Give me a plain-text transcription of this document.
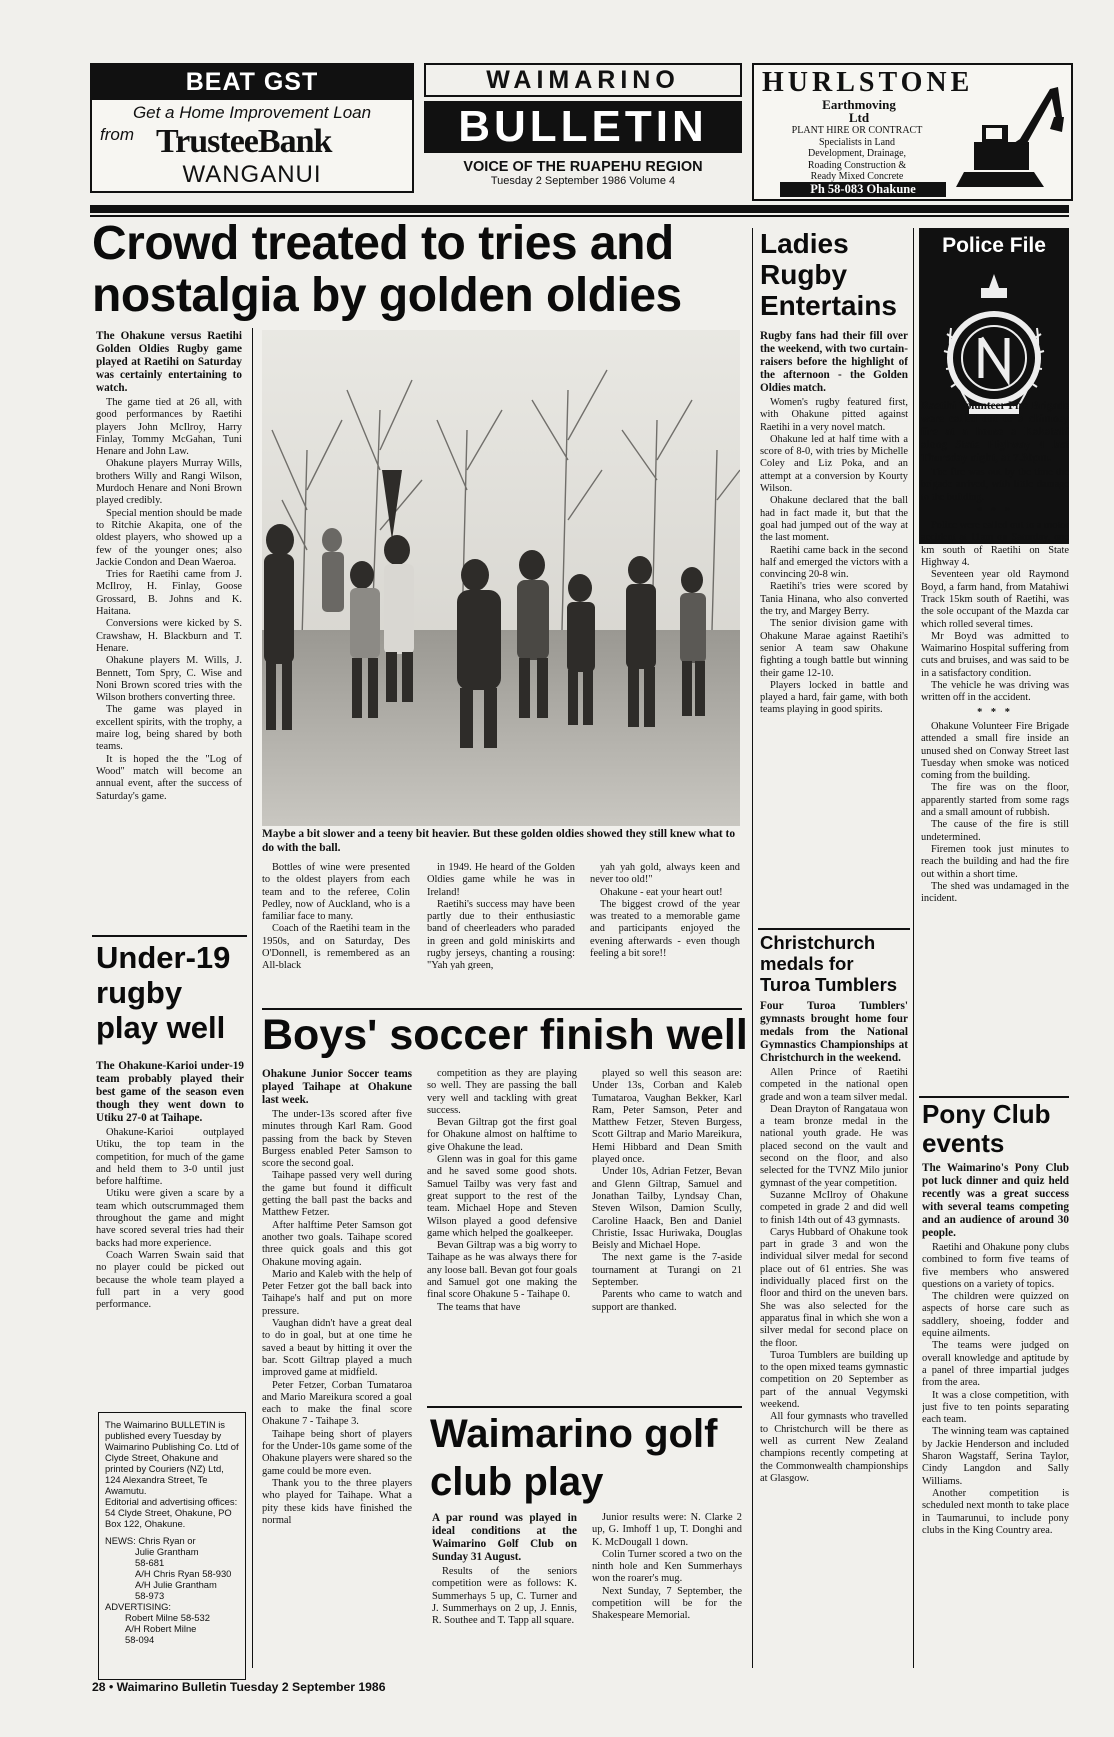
BEAT GST
Get a Home Improvement Loan
from TrusteeBank
WANGANUI
WAIMARINO
BULLETIN
VOICE OF THE RUAPEHU REGION
Tuesday 2 September 1986 Volume 4
HURLSTONE
Earthmoving
Ltd
PLANT HIRE OR CONTRACT
Specialists in Land
Development, Drainage,
Roading Construction &
Ready Mixed Concrete
Ph 58-083 Ohakune
Crowd treated to tries and
nostalgia by golden oldies

The Ohakune versus Raetihi Golden Oldies Rugby game played at Raetihi on Saturday was certainly entertaining to watch.

The game tied at 26 all, with good performances by Raetihi players John McIlroy, Harry Finlay, Tommy McGahan, Tuni Henare and John Law.

Ohakune players Murray Wills, brothers Willy and Rangi Wilson, Murdoch Henare and Noni Brown played credibly.

Special mention should be made to Ritchie Akapita, one of the oldest players, who showed up a few of the younger ones; also Jackie Condon and Dean Waeroa.

Tries for Raetihi came from J. McIlroy, H. Finlay, Goose Grossard, B. Johns and K. Haitana.

Conversions were kicked by S. Crawshaw, H. Blackburn and T. Henare.

Ohakune players M. Wills, J. Bennett, Tom Spry, C. Wise and Noni Brown scored tries with the Wilson brothers converting three.

The game was played in excellent spirits, with the trophy, a maire log, being shared by both teams.

It is hoped the the "Log of Wood" match will become an annual event, after the success of Saturday's game.

Maybe a bit slower and a teeny bit heavier. But these golden oldies showed they still knew what to do with the ball.

Bottles of wine were presented to the oldest players from each team and to the referee, Colin Pedley, now of Auckland, who is a familiar face to many.

Coach of the Raetihi team in the 1950s, and on Saturday, Des O'Donnell, is remembered as an All-black

in 1949. He heard of the Golden Oldies game while he was in Ireland!

Raetihi's success may have been partly due to their enthusiastic band of cheerleaders who paraded in green and gold miniskirts and rugby jerseys, chanting a rousing: "Yah yah green,

yah yah gold, always keen and never too old!"

Ohakune - eat your heart out!

The biggest crowd of the year was treated to a memorable game and participants enjoyed the evening afterwards - even though feeling a bit sore!!

Ladies
Rugby
Entertains

Rugby fans had their fill over the weekend, with two curtain-raisers before the highlight of the afternoon - the Golden Oldies match.

Women's rugby featured first, with Ohakune pitted against Raetihi in a very novel match.

Ohakune led at half time with a score of 8-0, with tries by Michelle Coley and Liz Poka, and an attempt at a conversion by Kourty Wilson.

Ohakune declared that the ball had in fact made it, but that the goal had jumped out of the way at the last moment.

Raetihi came back in the second half and emerged the victors with a convincing 20-8 win.

Raetihi's tries were scored by Tania Hinana, who also converted the try, and Margey Berry.

The senior division game with Ohakune Marae against Raetihi's senior A team saw Ohakune fighting a tough battle but winning their game 12-10.

Players locked in battle and played a hard, fair game, with both teams playing in good spirits.

Police File

Raetihi Volunteer Fire Brigade were called out to a chimney fire at a house a Kakatahi along State Highway 4 last Thursday night, at 7.30pm.

The fire was out by the time the brigade arrived, with little damage to the building.

* * *

Police were called out to a motor accident at 11am on Saturday, one km south of Raetihi on State Highway 4.

Seventeen year old Raymond Boyd, a farm hand, from Matahiwi Track 15km south of Raetihi, was the sole occupant of the Mazda car which rolled several times.

Mr Boyd was admitted to Waimarino Hospital suffering from cuts and bruises, and was said to be in a satisfactory condition.

The vehicle he was driving was written off in the accident.

* * *

Ohakune Volunteer Fire Brigade attended a small fire inside an unused shed on Conway Street last Tuesday when smoke was noticed coming from the building.

The fire was on the floor, apparently started from some rags and a small amount of rubbish.

The cause of the fire is still undetermined.

Firemen took just minutes to reach the building and had the fire out within a short time.

The shed was undamaged in the incident.

Under-19
rugby
play well

The Ohakune-Karioi under-19 team probably played their best game of the season even though they went down to Utiku 27-0 at Taihape.

Ohakune-Karioi outplayed Utiku, the top team in the competition, for much of the game and held them to 3-0 until just before halftime.

Utiku were given a scare by a team which outscrummaged them throughout the game and might have scored several tries had their backs had more experience.

Coach Warren Swain said that no player could be picked out because the whole team played a full part in a very good performance.

The Waimarino BULLETIN is published every Tuesday by Waimarino Publishing Co. Ltd of Clyde Street, Ohakune and printed by Couriers (NZ) Ltd, 124 Alexandra Street, Te Awamutu.
Editorial and advertising offices: 54 Clyde Street, Ohakune, PO Box 122, Ohakune.
NEWS: Chris Ryan or
Julie Grantham
58-681
A/H Chris Ryan 58-930
A/H Julie Grantham
58-973
ADVERTISING:
Robert Milne 58-532
A/H Robert Milne
58-094
Boys' soccer finish well

Ohakune Junior Soccer teams played Taihape at Ohakune last week.

The under-13s scored after five minutes through Karl Ram. Good passing from the back by Steven Burgess enabled Peter Samson to score the second goal.

Taihape passed very well during the game but found it difficult getting the ball past the backs and Matthew Fetzer.

After halftime Peter Samson got another two goals. Taihape scored three quick goals and this got Ohakune moving again.

Mario and Kaleb with the help of Peter Fetzer got the ball back into Taihape's half and put on more pressure.

Vaughan didn't have a great deal to do in goal, but at one time he saved a beaut by hitting it over the bar. Scott Giltrap played a much improved game at midfield.

Peter Fetzer, Corban Tumataroa and Mario Mareikura scored a goal each to make the final score Ohakune 7 - Taihape 3.

Taihape being short of players for the Under-10s game some of the Ohakune players were shared so the game could be more even.

Thank you to the three players who played for Taihape. What a pity these kids have finished the normal

competition as they are playing so well. They are passing the ball very well and tackling with great success.

Bevan Giltrap got the first goal for Ohakune almost on halftime to give Ohakune the lead.

Glenn was in goal for this game and he saved some good shots. Samuel Tailby was very fast and great support to the rest of the team. Michael Hope and Steven Wilson played a good defensive game which helped the goalkeeper.

Bevan Giltrap was a big worry to Taihape as he was always there for any loose ball. Bevan got four goals and Samuel got one making the final score Ohakune 5 - Taihape 0.

The teams that have

played so well this season are: Under 13s, Corban and Kaleb Tumataroa, Vaughan Bekker, Karl Ram, Peter Samson, Peter and Matthew Fetzer, Steven Burgess, Scott Giltrap and Mario Mareikura, Hemi Hibbard and Dean Smith played once.

Under 10s, Adrian Fetzer, Bevan and Glenn Giltrap, Samuel and Jonathan Tailby, Lyndsay Chan, Steven Wilson, Damion Scully, Caroline Haack, Ben and Daniel Christie, Issac Huriwaka, Douglas Beisly and Michael Hope.

The next game is the 7-aside tournament at Turangi on 21 September.

Parents who came to watch and support are thanked.

Waimarino golf
club play

A par round was played in ideal conditions at the Waimarino Golf Club on Sunday 31 August.

Results of the seniors competition were as follows: K. Summerhays 5 up, C. Turner and J. Summerhays on 2 up, J. Ennis, R. Southee and T. Tapp all square.

Junior results were: N. Clarke 2 up, G. Imhoff 1 up, T. Donghi and K. McDougall 1 down.

Colin Turner scored a two on the ninth hole and Ken Summerhays won the roarer's mug.

Next Sunday, 7 September, the competition will be for the Shakespeare Memorial.

Christchurch
medals for
Turoa Tumblers

Four Turoa Tumblers' gymnasts brought home four medals from the National Gymnastics Championships at Christchurch in the weekend.

Allen Prince of Raetihi competed in the national open grade and won a team silver medal.

Dean Drayton of Rangataua won a team bronze medal in the national youth grade. He was placed second on the vault and second on the floor, and also selected for the TVNZ Milo junior gymnast of the year competition.

Suzanne McIlroy of Ohakune competed in grade 2 and did well to finish 14th out of 43 gymnasts.

Carys Hubbard of Ohakune took part in grade 3 and won the individual silver medal for second place out of 61 entries. She was individually placed first on the floor and third on the uneven bars. She was also selected for the apparatus final in which she won a silver medal for second place on the floor.

Turoa Tumblers are building up to the open mixed teams gymnastic competition on 20 September as part of the annual Vegymski weekend.

All four gymnasts who travelled to Christchurch will be there as well as current New Zealand champions recently competing at the Commonwealth championships at Glasgow.

Pony Club
events

The Waimarino's Pony Club pot luck dinner and quiz held recently was a great success with several teams competing and an audience of around 30 people.

Raetihi and Ohakune pony clubs combined to form five teams of five members who answered questions on a variety of topics.

The children were quizzed on aspects of horse care such as saddlery, shoeing, fodder and equine ailments.

The teams were judged on overall knowledge and aptitude by a panel of three impartial judges from the area.

It was a close competition, with just five to ten points separating each team.

The winning team was captained by Jackie Henderson and included Sharon Wagstaff, Serina Taylor, Cindy Langdon and Sally Williams.

Another competition is scheduled next month to take place in Taumarunui, to include pony clubs in the King Country area.

28 • Waimarino Bulletin Tuesday 2 September 1986
